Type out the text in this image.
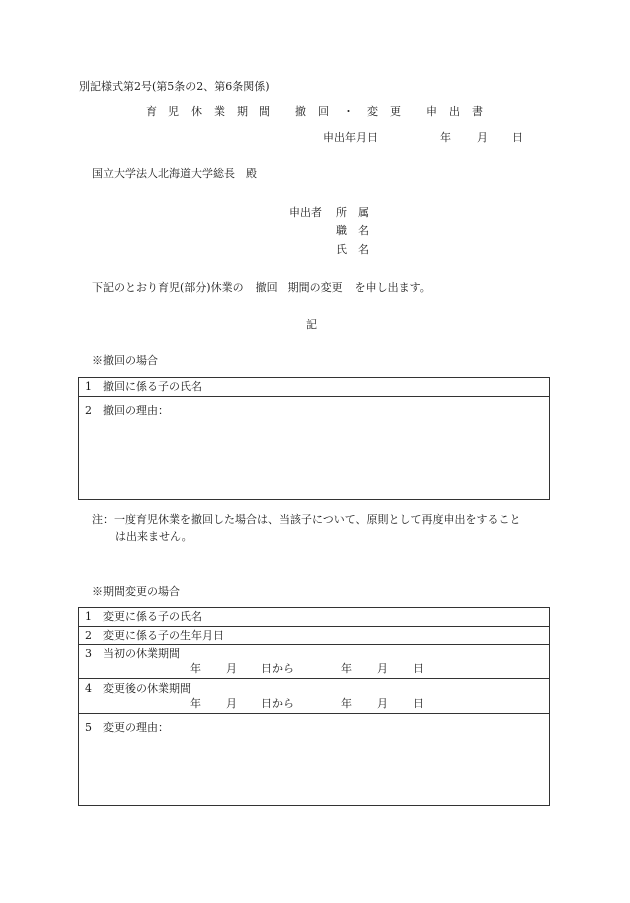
別記様式第2号(第5条の2、第6条関係)
育 児 休 業 期 間 撤 回 ・ 変 更 申 出 書
申出年月日	年 月 日
国立大学法人北海道大学総長　殿
申出者 所　属
職　名
氏　名
下記のとおり育児(部分)休業の 撤回 期間の変更 を申し出ます。
記
※撤回の場合
1 撤回に係る子の氏名
2 撤回の理由：
注：一度育児休業を撤回した場合は、当該子について、原則として再度申出をすること
は出来ません。
※期間変更の場合
1 変更に係る子の氏名
2 変更に係る子の生年月日
3 当初の休業期間
年 月 日から	年 月 日
4 変更後の休業期間
年 月 日から	年 月 日
5 変更の理由：
